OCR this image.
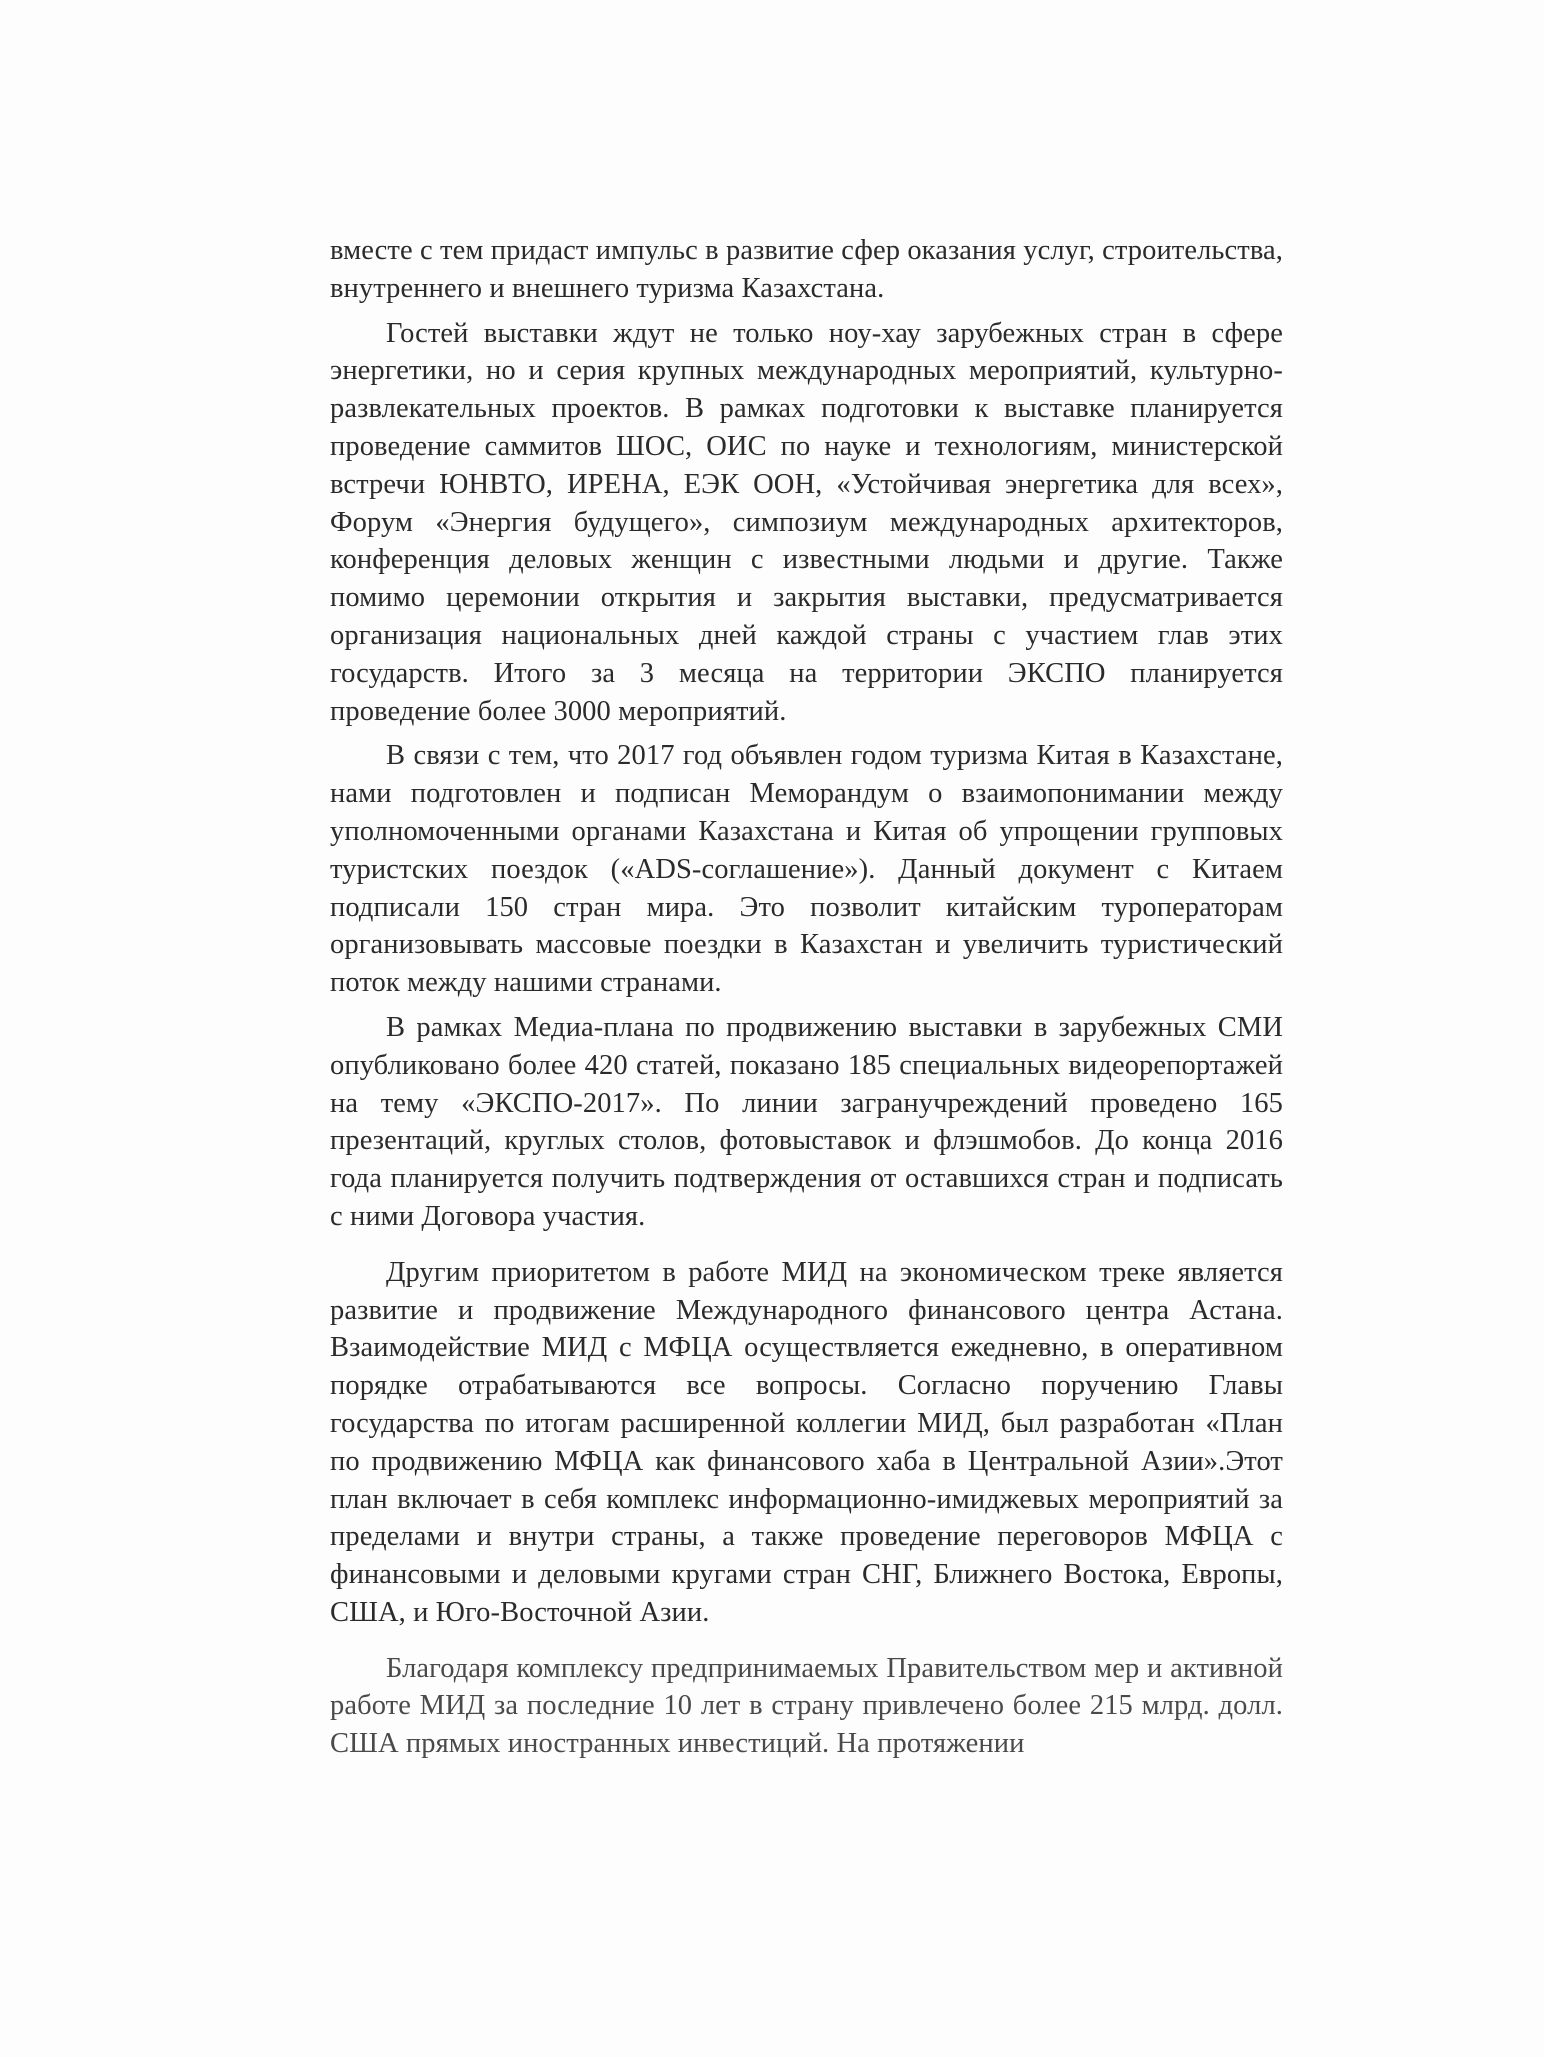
вместе с тем придаст импульс в развитие сфер оказания услуг, строительства, внутреннего и внешнего туризма Казахстана.

Гостей выставки ждут не только ноу-хау зарубежных стран в сфере энергетики, но и серия крупных международных мероприятий, культурно-развлекательных проектов. В рамках подготовки к выставке планируется проведение саммитов ШОС, ОИС по науке и технологиям, министерской встречи ЮНВТО, ИРЕНА, ЕЭК ООН, «Устойчивая энергетика для всех», Форум «Энергия будущего», симпозиум международных архитекторов, конференция деловых женщин с известными людьми и другие. Также помимо церемонии открытия и закрытия выставки, предусматривается организация национальных дней каждой страны с участием глав этих государств. Итого за 3 месяца на территории ЭКСПО планируется проведение более 3000 мероприятий.

В связи с тем, что 2017 год объявлен годом туризма Китая в Казахстане, нами подготовлен и подписан Меморандум о взаимопонимании между уполномоченными органами Казахстана и Китая об упрощении групповых туристских поездок («ADS-соглашение»). Данный документ с Китаем подписали 150 стран мира. Это позволит китайским туроператорам организовывать массовые поездки в Казахстан и увеличить туристический поток между нашими странами.

В рамках Медиа-плана по продвижению выставки в зарубежных СМИ опубликовано более 420 статей, показано 185 специальных видеорепортажей на тему «ЭКСПО-2017». По линии загранучреждений проведено 165 презентаций, круглых столов, фотовыставок и флэшмобов. До конца 2016 года планируется получить подтверждения от оставшихся стран и подписать с ними Договора участия.

Другим приоритетом в работе МИД на экономическом треке является развитие и продвижение Международного финансового центра Астана. Взаимодействие МИД с МФЦА осуществляется ежедневно, в оперативном порядке отрабатываются все вопросы. Согласно поручению Главы государства по итогам расширенной коллегии МИД, был разработан «План по продвижению МФЦА как финансового хаба в Центральной Азии».Этот план включает в себя комплекс информационно-имиджевых мероприятий за пределами и внутри страны, а также проведение переговоров МФЦА с финансовыми и деловыми кругами стран СНГ, Ближнего Востока, Европы, США, и Юго-Восточной Азии.

Благодаря комплексу предпринимаемых Правительством мер и активной работе МИД за последние 10 лет в страну привлечено более 215 млрд. долл. США прямых иностранных инвестиций. На протяжении
